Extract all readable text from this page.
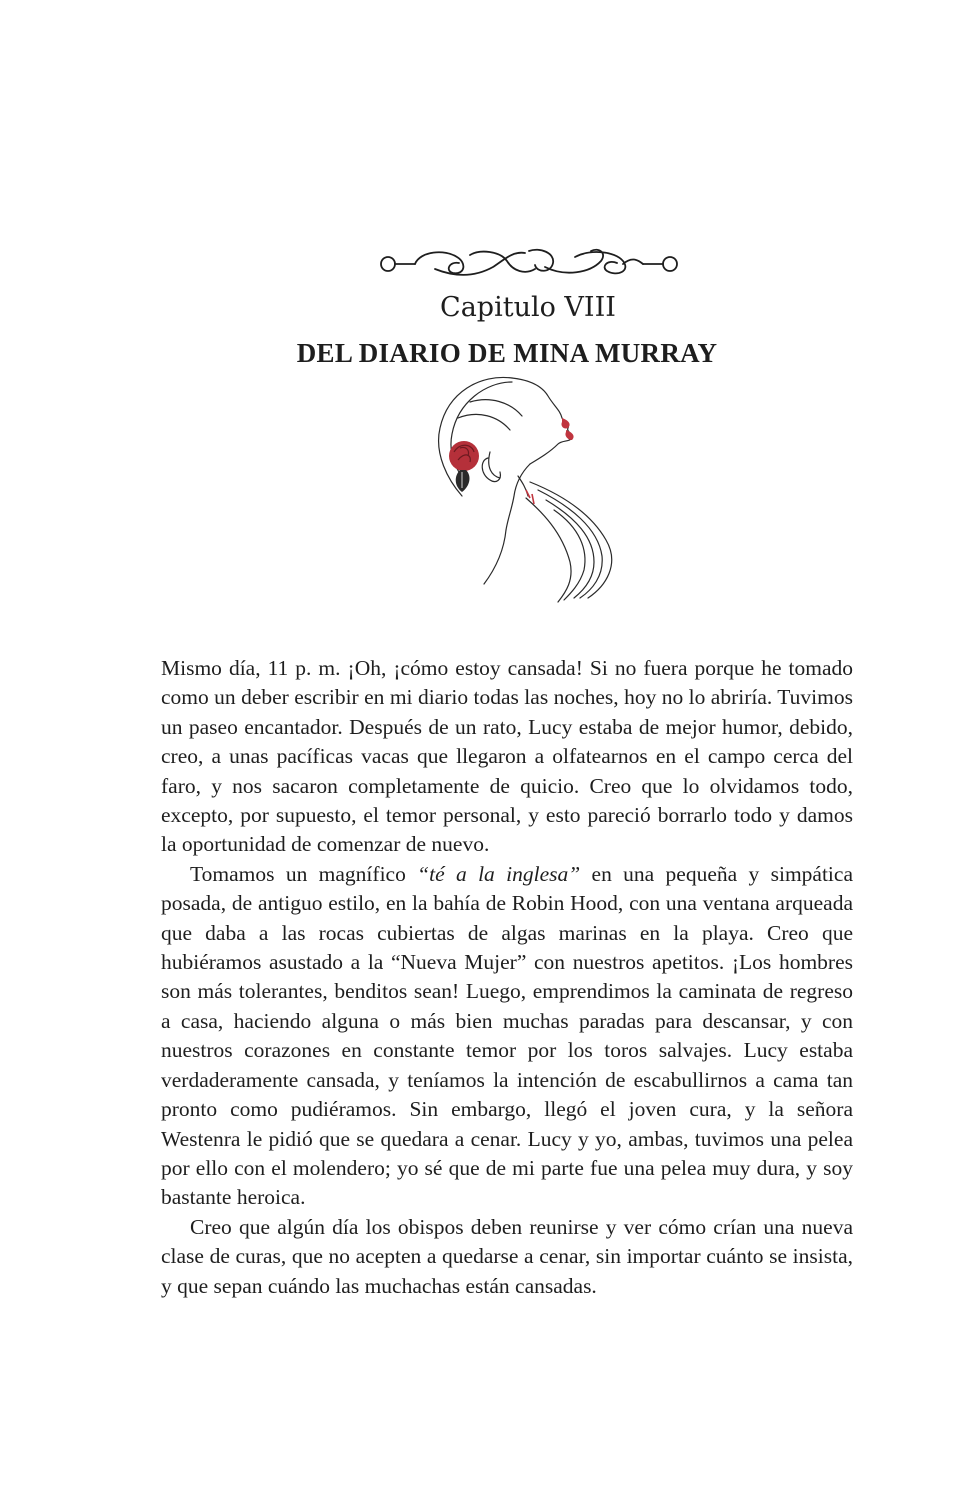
Capitulo VIII
DEL DIARIO DE MINA MURRAY

Mismo día, 11 p. m. ¡Oh, ¡cómo estoy cansada! Si no fuera porque he tomado como un deber escribir en mi diario todas las noches, hoy no lo abriría. Tuvimos un paseo encantador. Después de un rato, Lucy estaba de mejor humor, debido, creo, a unas pacíficas vacas que llegaron a olfatearnos en el campo cerca del faro, y nos sacaron completamente de quicio. Creo que lo olvidamos todo, excepto, por supuesto, el temor personal, y esto pareció borrarlo todo y damos la oportunidad de comenzar de nuevo.

Tomamos un magnífico “té a la inglesa” en una pequeña y simpática posada, de antiguo estilo, en la bahía de Robin Hood, con una ventana arqueada que daba a las rocas cubiertas de algas marinas en la playa. Creo que hubiéramos asustado a la “Nueva Mujer” con nuestros apetitos. ¡Los hombres son más tolerantes, benditos sean! Luego, emprendimos la caminata de regreso a casa, haciendo alguna o más bien muchas paradas para descansar, y con nuestros corazones en constante temor por los toros salvajes. Lucy estaba verdaderamente cansada, y teníamos la intención de escabullirnos a cama tan pronto como pudiéramos. Sin embargo, llegó el joven cura, y la señora Westenra le pidió que se quedara a cenar. Lucy y yo, ambas, tuvimos una pelea por ello con el molendero; yo sé que de mi parte fue una pelea muy dura, y soy bastante heroica.

Creo que algún día los obispos deben reunirse y ver cómo crían una nueva clase de curas, que no acepten a quedarse a cenar, sin importar cuánto se insista, y que sepan cuándo las muchachas están cansadas.
